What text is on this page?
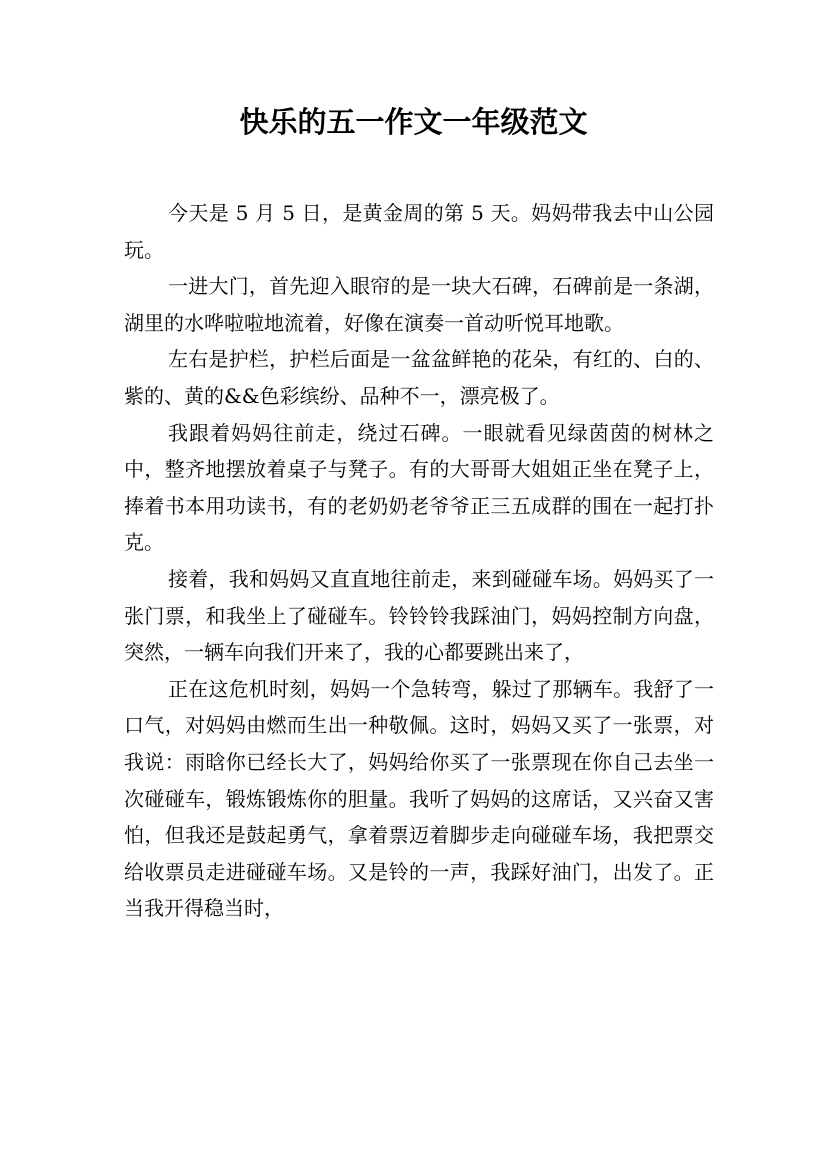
快乐的五一作文一年级范文

今天是 5 月 5 日，是黄金周的第 5 天。妈妈带我去中山公园玩。

一进大门，首先迎入眼帘的是一块大石碑，石碑前是一条湖，湖里的水哗啦啦地流着，好像在演奏一首动听悦耳地歌。

左右是护栏，护栏后面是一盆盆鲜艳的花朵，有红的、白的、紫的、黄的&&色彩缤纷、品种不一，漂亮极了。

我跟着妈妈往前走，绕过石碑。一眼就看见绿茵茵的树林之中，整齐地摆放着桌子与凳子。有的大哥哥大姐姐正坐在凳子上，捧着书本用功读书，有的老奶奶老爷爷正三五成群的围在一起打扑克。

接着，我和妈妈又直直地往前走，来到碰碰车场。妈妈买了一张门票，和我坐上了碰碰车。铃铃铃我踩油门，妈妈控制方向盘，突然，一辆车向我们开来了，我的心都要跳出来了，

正在这危机时刻，妈妈一个急转弯，躲过了那辆车。我舒了一口气，对妈妈由燃而生出一种敬佩。这时，妈妈又买了一张票，对我说：雨晗你已经长大了，妈妈给你买了一张票现在你自己去坐一次碰碰车，锻炼锻炼你的胆量。我听了妈妈的这席话，又兴奋又害怕，但我还是鼓起勇气，拿着票迈着脚步走向碰碰车场，我把票交给收票员走进碰碰车场。又是铃的一声，我踩好油门，出发了。正当我开得稳当时，
